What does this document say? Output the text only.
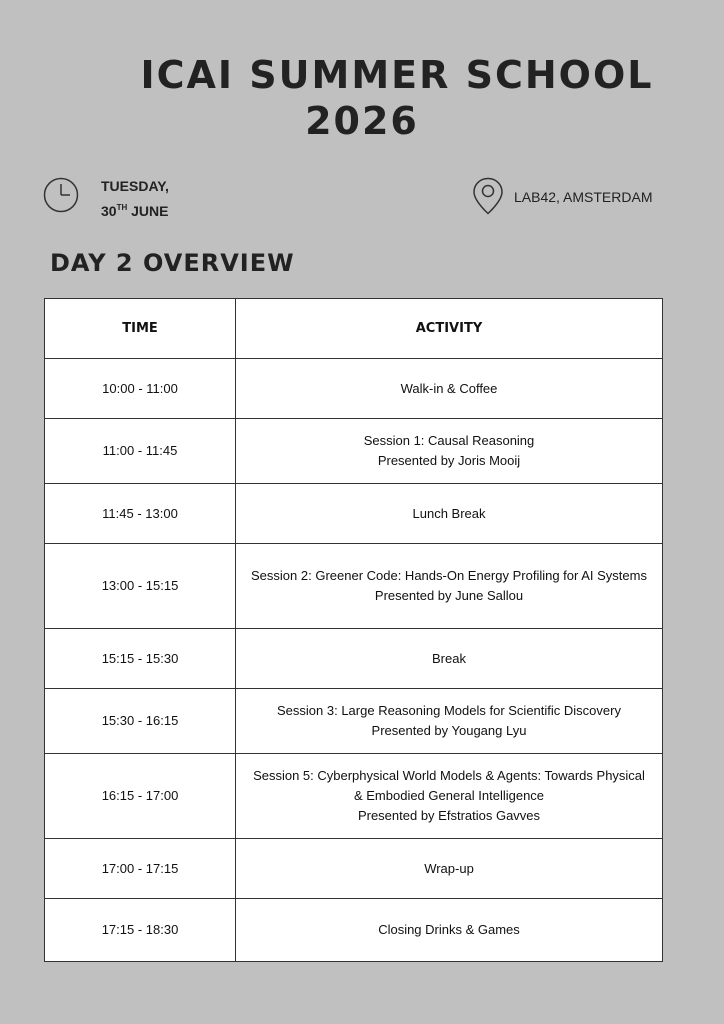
ICAI SUMMER SCHOOL
2026
TUESDAY,
30TH JUNE
LAB42, AMSTERDAM
DAY 2 OVERVIEW
TIME	ACTIVITY
10:00 - 11:00	Walk-in & Coffee

11:00 - 11:45	Session 1: Causal Reasoning
Presented by Joris Mooij

11:45 - 13:00	Lunch Break

13:00 - 15:15	Session 2: Greener Code: Hands-On Energy Profiling for AI Systems
Presented by June Sallou

15:15 - 15:30	Break

15:30 - 16:15	Session 3: Large Reasoning Models for Scientific Discovery
Presented by Yougang Lyu

16:15 - 17:00	Session 5: Cyberphysical World Models & Agents: Towards Physical & Embodied General Intelligence
Presented by Efstratios Gavves

17:00 - 17:15	Wrap-up

17:15 - 18:30	Closing Drinks & Games
